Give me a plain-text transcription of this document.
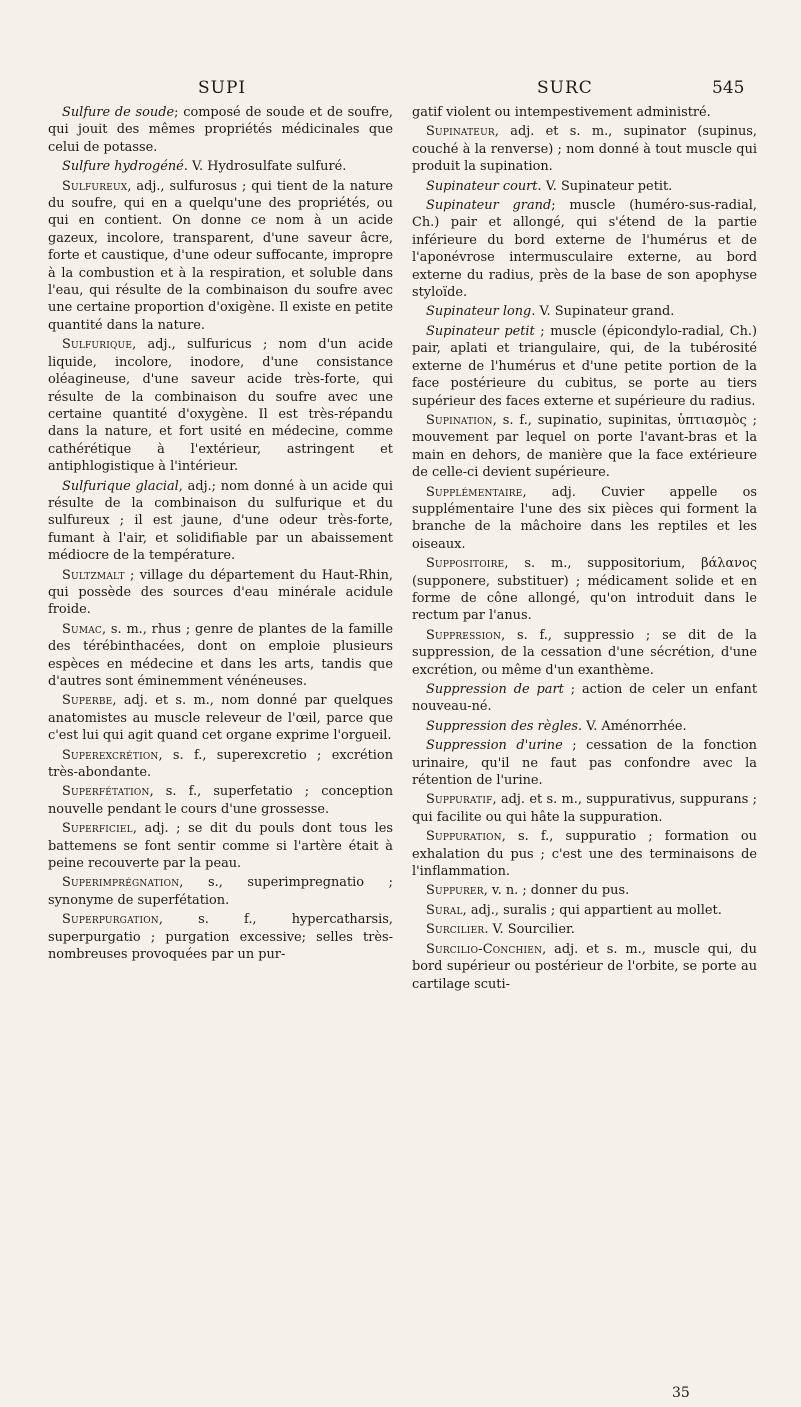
SUPI	SURC	545

Sulfure de soude; composé de soude et de soufre, qui jouit des mêmes propriétés médicinales que celui de potasse.

Sulfure hydrogéné. V. Hydrosulfate sulfuré.

Sulfureux, adj., sulfurosus ; qui tient de la nature du soufre, qui en a quelqu'une des propriétés, ou qui en contient. On donne ce nom à un acide gazeux, incolore, transparent, d'une saveur âcre, forte et caustique, d'une odeur suffocante, impropre à la combustion et à la respiration, et soluble dans l'eau, qui résulte de la combinaison du soufre avec une certaine proportion d'oxigène. Il existe en petite quantité dans la nature.

Sulfurique, adj., sulfuricus ; nom d'un acide liquide, incolore, inodore, d'une consistance oléagineuse, d'une saveur acide très-forte, qui résulte de la combinaison du soufre avec une certaine quantité d'oxygène. Il est très-répandu dans la nature, et fort usité en médecine, comme cathérétique à l'extérieur, astringent et antiphlogistique à l'intérieur.

Sulfurique glacial, adj.; nom donné à un acide qui résulte de la combinaison du sulfurique et du sulfureux ; il est jaune, d'une odeur très-forte, fumant à l'air, et solidifiable par un abaissement médiocre de la température.

Sultzmalt ; village du département du Haut-Rhin, qui possède des sources d'eau minérale acidule froide.

Sumac, s. m., rhus ; genre de plantes de la famille des térébinthacées, dont on emploie plusieurs espèces en médecine et dans les arts, tandis que d'autres sont éminemment vénéneuses.

Superbe, adj. et s. m., nom donné par quelques anatomistes au muscle releveur de l'œil, parce que c'est lui qui agit quand cet organe exprime l'orgueil.

Superexcrétion, s. f., superexcretio ; excrétion très-abondante.

Superfétation, s. f., superfetatio ; conception nouvelle pendant le cours d'une grossesse.

Superficiel, adj. ; se dit du pouls dont tous les battemens se font sentir comme si l'artère était à peine recouverte par la peau.

Superimprégnation, s., superimpregnatio ; synonyme de superfétation.

Superpurgation, s. f., hypercatharsis, superpurgatio ; purgation excessive; selles très-nombreuses provoquées par un pur-

gatif violent ou intempestivement administré.

Supinateur, adj. et s. m., supinator (supinus, couché à la renverse) ; nom donné à tout muscle qui produit la supination.

Supinateur court. V. Supinateur petit.

Supinateur grand; muscle (huméro-sus-radial, Ch.) pair et allongé, qui s'étend de la partie inférieure du bord externe de l'humérus et de l'aponévrose intermusculaire externe, au bord externe du radius, près de la base de son apophyse styloïde.

Supinateur long. V. Supinateur grand.

Supinateur petit ; muscle (épicondylo-radial, Ch.) pair, aplati et triangulaire, qui, de la tubérosité externe de l'humérus et d'une petite portion de la face postérieure du cubitus, se porte au tiers supérieur des faces externe et supérieure du radius.

Supination, s. f., supinatio, supinitas, ὑπτιασμὸς ; mouvement par lequel on porte l'avant-bras et la main en dehors, de manière que la face extérieure de celle-ci devient supérieure.

Supplémentaire, adj. Cuvier appelle os supplémentaire l'une des six pièces qui forment la branche de la mâchoire dans les reptiles et les oiseaux.

Suppositoire, s. m., suppositorium, βάλανος (supponere, substituer) ; médicament solide et en forme de cône allongé, qu'on introduit dans le rectum par l'anus.

Suppression, s. f., suppressio ; se dit de la suppression, de la cessation d'une sécrétion, d'une excrétion, ou même d'un exanthème.

Suppression de part ; action de celer un enfant nouveau-né.

Suppression des règles. V. Aménorrhée.

Suppression d'urine ; cessation de la fonction urinaire, qu'il ne faut pas confondre avec la rétention de l'urine.

Suppuratif, adj. et s. m., suppurativus, suppurans ; qui facilite ou qui hâte la suppuration.

Suppuration, s. f., suppuratio ; formation ou exhalation du pus ; c'est une des terminaisons de l'inflammation.

Suppurer, v. n. ; donner du pus.

Sural, adj., suralis ; qui appartient au mollet.

Surcilier. V. Sourcilier.

Surcilio-Conchien, adj. et s. m., muscle qui, du bord supérieur ou postérieur de l'orbite, se porte au cartilage scuti-

35
